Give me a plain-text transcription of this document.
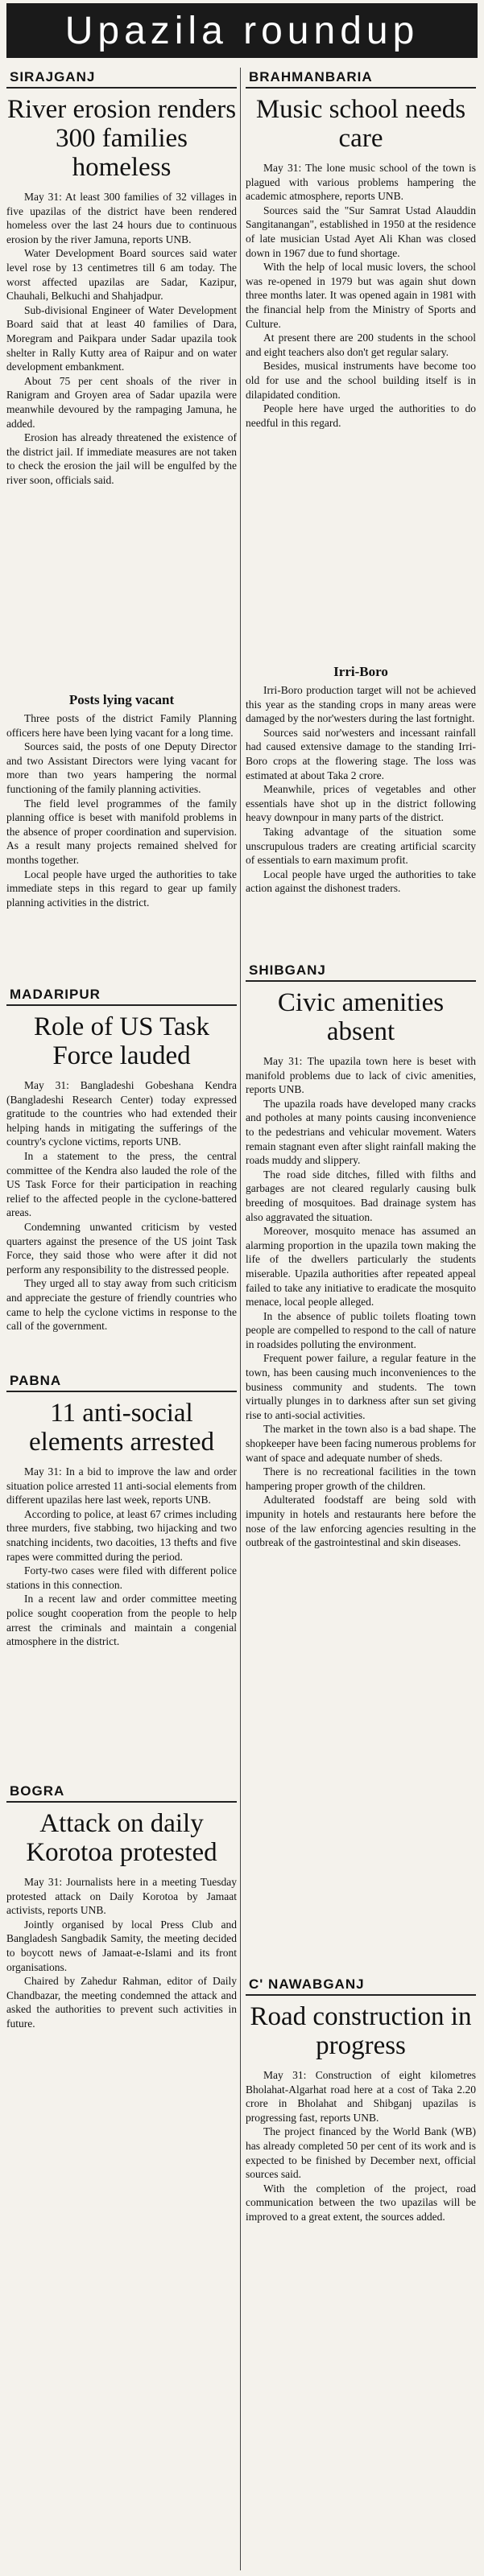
Upazila roundup
SIRAJGANJ
River erosion renders 300 families homeless

May 31: At least 300 families of 32 villages in five upazilas of the district have been rendered homeless over the last 24 hours due to continuous erosion by the river Jamuna, reports UNB.

Water Development Board sources said water level rose by 13 centimetres till 6 am today. The worst affected upazilas are Sadar, Kazipur, Chauhali, Belkuchi and Shahjadpur.

Sub-divisional Engineer of Water Development Board said that at least 40 families of Dara, Moregram and Paikpara under Sadar upazila took shelter in Rally Kutty area of Raipur and on water development embankment.

About 75 per cent shoals of the river in Ranigram and Groyen area of Sadar upazila were meanwhile devoured by the rampaging Jamuna, he added.

Erosion has already threatened the existence of the district jail. If immediate measures are not taken to check the erosion the jail will be engulfed by the river soon, officials said.

Posts lying vacant

Three posts of the district Family Planning officers here have been lying vacant for a long time.

Sources said, the posts of one Deputy Director and two Assistant Directors were lying vacant for more than two years hampering the normal functioning of the family planning activities.

The field level programmes of the family planning office is beset with manifold problems in the absence of proper coordination and supervision. As a result many projects remained shelved for months together.

Local people have urged the authorities to take immediate steps in this regard to gear up family planning activities in the district.

MADARIPUR
Role of US Task Force lauded

May 31: Bangladeshi Gobeshana Kendra (Bangladeshi Research Center) today expressed gratitude to the countries who had extended their helping hands in mitigating the sufferings of the country's cyclone victims, reports UNB.

In a statement to the press, the central committee of the Kendra also lauded the role of the US Task Force for their participation in reaching relief to the affected people in the cyclone-battered areas.

Condemning unwanted criticism by vested quarters against the presence of the US joint Task Force, they said those who were after it did not perform any responsibility to the distressed people.

They urged all to stay away from such criticism and appreciate the gesture of friendly countries who came to help the cyclone victims in response to the call of the government.

PABNA
11 anti-social elements arrested

May 31: In a bid to improve the law and order situation police arrested 11 anti-social elements from different upazilas here last week, reports UNB.

According to police, at least 67 crimes including three murders, five stabbing, two hijacking and two snatching incidents, two dacoities, 13 thefts and five rapes were committed during the period.

Forty-two cases were filed with different police stations in this connection.

In a recent law and order committee meeting police sought cooperation from the people to help arrest the criminals and maintain a congenial atmosphere in the district.

BOGRA
Attack on daily Korotoa protested

May 31: Journalists here in a meeting Tuesday protested attack on Daily Korotoa by Jamaat activists, reports UNB.

Jointly organised by local Press Club and Bangladesh Sangbadik Samity, the meeting decided to boycott news of Jamaat-e-Islami and its front organisations.

Chaired by Zahedur Rahman, editor of Daily Chandbazar, the meeting condemned the attack and asked the authorities to prevent such activities in future.

BRAHMANBARIA
Music school needs care

May 31: The lone music school of the town is plagued with various problems hampering the academic atmosphere, reports UNB.

Sources said the "Sur Samrat Ustad Alauddin Sangitanangan", established in 1950 at the residence of late musician Ustad Ayet Ali Khan was closed down in 1967 due to fund shortage.

With the help of local music lovers, the school was re-opened in 1979 but was again shut down three months later. It was opened again in 1981 with the financial help from the Ministry of Sports and Culture.

At present there are 200 students in the school and eight teachers also don't get regular salary.

Besides, musical instruments have become too old for use and the school building itself is in dilapidated condition.

People here have urged the authorities to do needful in this regard.

Irri-Boro

Irri-Boro production target will not be achieved this year as the standing crops in many areas were damaged by the nor'westers during the last fortnight.

Sources said nor'westers and incessant rainfall had caused extensive damage to the standing Irri-Boro crops at the flowering stage. The loss was estimated at about Taka 2 crore.

Meanwhile, prices of vegetables and other essentials have shot up in the district following heavy downpour in many parts of the district.

Taking advantage of the situation some unscrupulous traders are creating artificial scarcity of essentials to earn maximum profit.

Local people have urged the authorities to take action against the dishonest traders.

SHIBGANJ
Civic amenities absent

May 31: The upazila town here is beset with manifold problems due to lack of civic amenities, reports UNB.

The upazila roads have developed many cracks and potholes at many points causing inconvenience to the pedestrians and vehicular movement. Waters remain stagnant even after slight rainfall making the roads muddy and slippery.

The road side ditches, filled with filths and garbages are not cleared regularly causing bulk breeding of mosquitoes. Bad drainage system has also aggravated the situation.

Moreover, mosquito menace has assumed an alarming proportion in the upazila town making the life of the dwellers particularly the students miserable. Upazila authorities after repeated appeal failed to take any initiative to eradicate the mosquito menace, local people alleged.

In the absence of public toilets floating town people are compelled to respond to the call of nature in roadsides polluting the environment.

Frequent power failure, a regular feature in the town, has been causing much inconveniences to the business community and students. The town virtually plunges in to darkness after sun set giving rise to anti-social activities.

The market in the town also is a bad shape. The shopkeeper have been facing numerous problems for want of space and adequate number of sheds.

There is no recreational facilities in the town hampering proper growth of the children.

Adulterated foodstaff are being sold with impunity in hotels and restaurants here before the nose of the law enforcing agencies resulting in the outbreak of the gastrointestinal and skin diseases.

C' NAWABGANJ
Road construction in progress

May 31: Construction of eight kilometres Bholahat-Algarhat road here at a cost of Taka 2.20 crore in Bholahat and Shibganj upazilas is progressing fast, reports UNB.

The project financed by the World Bank (WB) has already completed 50 per cent of its work and is expected to be finished by December next, official sources said.

With the completion of the project, road communication between the two upazilas will be improved to a great extent, the sources added.
